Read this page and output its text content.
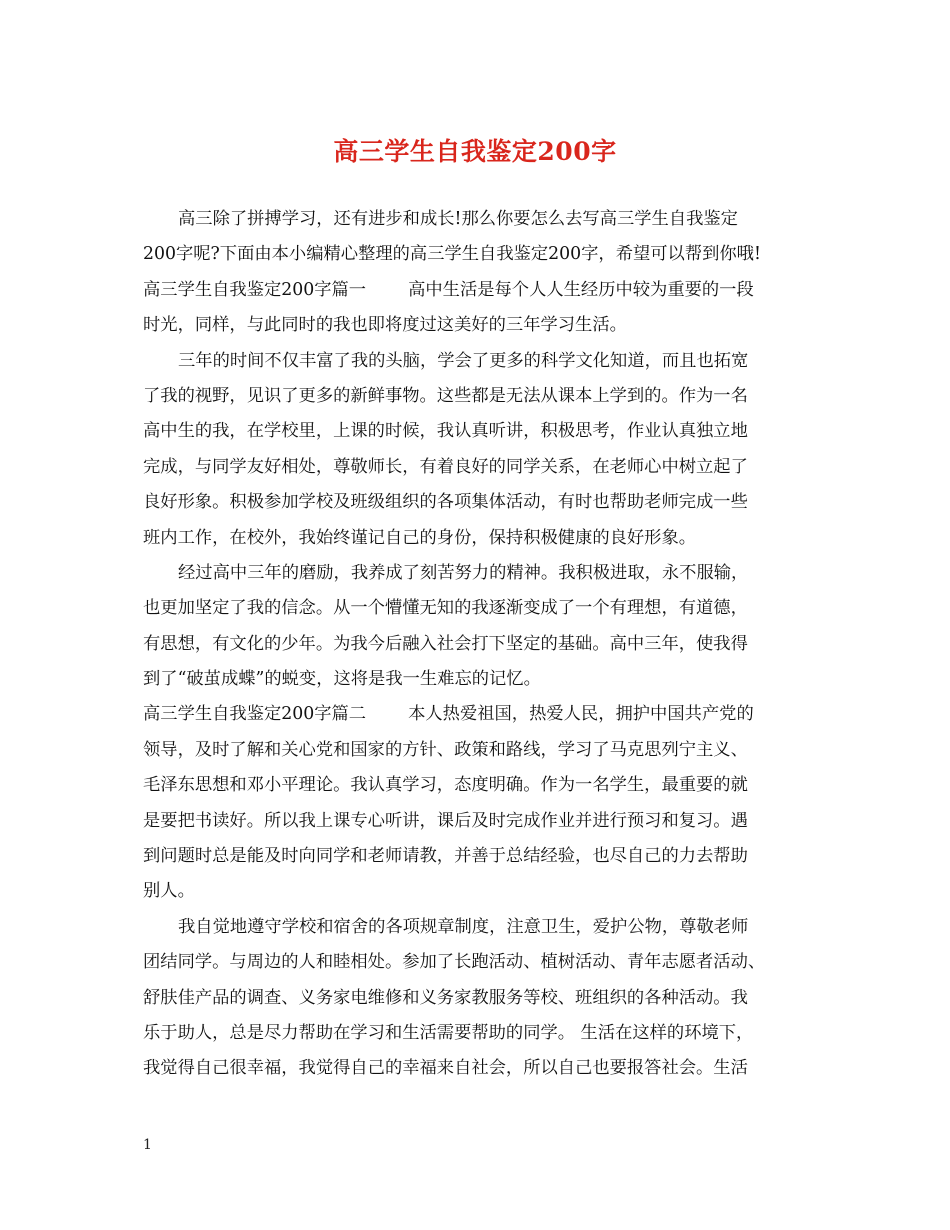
高三学生自我鉴定200字
高三除了拼搏学习，还有进步和成长!那么你要怎么去写高三学生自我鉴定
200字呢?下面由本小编精心整理的高三学生自我鉴定200字，希望可以帮到你哦!
高三学生自我鉴定200字篇一 高中生活是每个人人生经历中较为重要的一段
时光，同样，与此同时的我也即将度过这美好的三年学习生活。
三年的时间不仅丰富了我的头脑，学会了更多的科学文化知道，而且也拓宽
了我的视野，见识了更多的新鲜事物。这些都是无法从课本上学到的。作为一名
高中生的我，在学校里，上课的时候，我认真听讲，积极思考，作业认真独立地
完成，与同学友好相处，尊敬师长，有着良好的同学关系，在老师心中树立起了
良好形象。积极参加学校及班级组织的各项集体活动，有时也帮助老师完成一些
班内工作，在校外，我始终谨记自己的身份，保持积极健康的良好形象。
经过高中三年的磨励，我养成了刻苦努力的精神。我积极进取，永不服输，
也更加坚定了我的信念。从一个懵懂无知的我逐渐变成了一个有理想，有道德，
有思想，有文化的少年。为我今后融入社会打下坚定的基础。高中三年，使我得
到了“破茧成蝶”的蜕变，这将是我一生难忘的记忆。
高三学生自我鉴定200字篇二 本人热爱祖国，热爱人民，拥护中国共产党的
领导，及时了解和关心党和国家的方针、政策和路线，学习了马克思列宁主义、
毛泽东思想和邓小平理论。我认真学习，态度明确。作为一名学生，最重要的就
是要把书读好。所以我上课专心听讲，课后及时完成作业并进行预习和复习。遇
到问题时总是能及时向同学和老师请教，并善于总结经验，也尽自己的力去帮助
别人。
我自觉地遵守学校和宿舍的各项规章制度，注意卫生，爱护公物，尊敬老师
团结同学。与周边的人和睦相处。参加了长跑活动、植树活动、青年志愿者活动、
舒肤佳产品的调查、义务家电维修和义务家教服务等校、班组织的各种活动。我
乐于助人，总是尽力帮助在学习和生活需要帮助的同学。 生活在这样的环境下，
我觉得自己很幸福，我觉得自己的幸福来自社会，所以自己也要报答社会。生活
1
